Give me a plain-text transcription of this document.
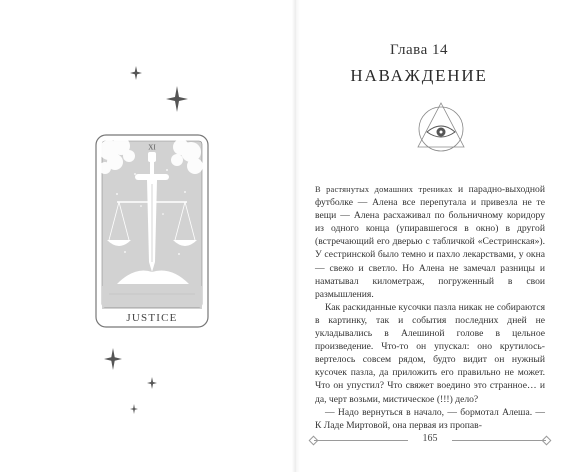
XI
JUSTICE
Глава 14
НАВАЖДЕНИЕ

В растянутых домашних трениках и парадно-выходной футболке — Алена все перепутала и привезла не те вещи — Алена расхаживал по больничному коридору из одного конца (упиравшегося в окно) в другой (встречающий его дверью с табличкой «Сестринская»). У сестринской было темно и пахло лекарствами, у окна — свежо и светло. Но Алена не замечал разницы и наматывал километраж, погруженный в свои размышления.

Как раскиданные кусочки пазла никак не собираются в картинку, так и события последних дней не укладывались в Алешиной голове в цельное произведение. Что-то он упускал: оно крутилось-вертелось совсем рядом, будто видит он нужный кусочек пазла, да приложить его правильно не может. Что он упустил? Что свяжет воедино это странное… и да, черт возьми, мистическое (!!!) дело?

— Надо вернуться в начало, — бормотал Алеша. — К Ладе Миртовой, она первая из пропав-

165
